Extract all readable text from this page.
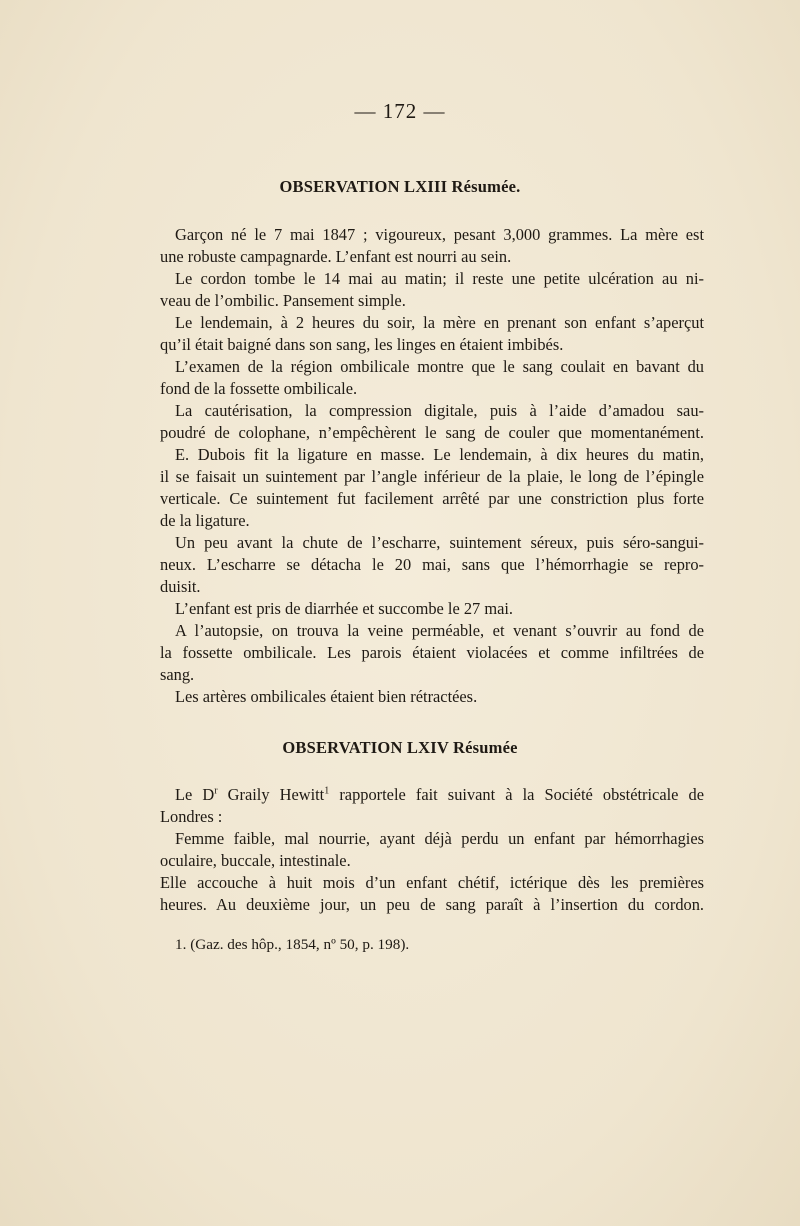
— 172 —
OBSERVATION LXIII Résumée.
Garçon né le 7 mai 1847 ; vigoureux, pesant 3,000 grammes. La mère est
une robuste campagnarde. L’enfant est nourri au sein.
Le cordon tombe le 14 mai au matin; il reste une petite ulcération au ni-
veau de l’ombilic. Pansement simple.
Le lendemain, à 2 heures du soir, la mère en prenant son enfant s’aperçut
qu’il était baigné dans son sang, les linges en étaient imbibés.
L’examen de la région ombilicale montre que le sang coulait en bavant du
fond de la fossette ombilicale.
La cautérisation, la compression digitale, puis à l’aide d’amadou sau-
poudré de colophane, n’empêchèrent le sang de couler que momentanément.
E. Dubois fit la ligature en masse. Le lendemain, à dix heures du matin,
il se faisait un suintement par l’angle inférieur de la plaie, le long de l’épingle
verticale. Ce suintement fut facilement arrêté par une constriction plus forte
de la ligature.
Un peu avant la chute de l’escharre, suintement séreux, puis séro-sangui-
neux. L’escharre se détacha le 20 mai, sans que l’hémorrhagie se repro-
duisit.
L’enfant est pris de diarrhée et succombe le 27 mai.
A l’autopsie, on trouva la veine perméable, et venant s’ouvrir au fond de
la fossette ombilicale. Les parois étaient violacées et comme infiltrées de
sang.
Les artères ombilicales étaient bien rétractées.
OBSERVATION LXIV Résumée
Le $D^r$ Graily Hewitt$^1$ rapportele fait suivant à la Société obstétricale de
Londres :
Femme faible, mal nourrie, ayant déjà perdu un enfant par hémorrhagies
oculaire, buccale, intestinale.
Elle accouche à huit mois d’un enfant chétif, ictérique dès les premières
heures. Au deuxième jour, un peu de sang paraît à l’insertion du cordon.
1. (Gaz. des hôp., 1854, nº 50, p. 198).
